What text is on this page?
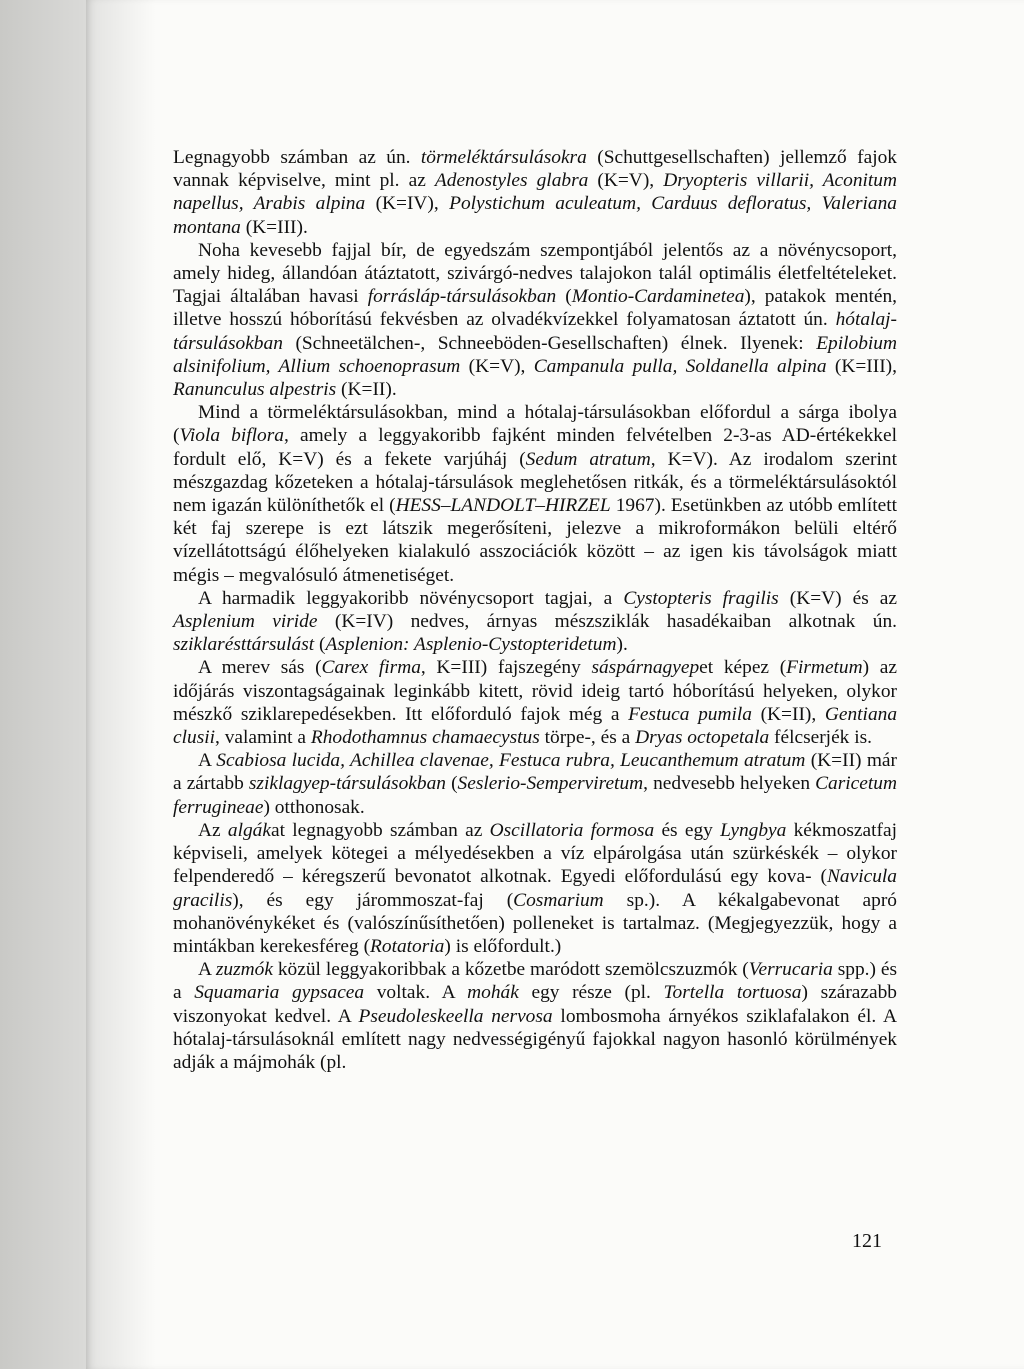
Legnagyobb számban az ún. törmeléktársulásokra (Schuttgesellschaften) jellemző fajok vannak képviselve, mint pl. az Adenostyles glabra (K=V), Dryopteris villarii, Aconitum napellus, Arabis alpina (K=IV), Polystichum aculeatum, Carduus defloratus, Valeriana montana (K=III).

Noha kevesebb fajjal bír, de egyedszám szempontjából jelentős az a növénycsoport, amely hideg, állandóan átáztatott, szivárgó-nedves talajokon talál optimális életfeltételeket. Tagjai általában havasi forrásláp-társulásokban (Montio-Cardaminetea), patakok mentén, illetve hosszú hóborítású fekvésben az olvadékvízekkel folyamatosan áztatott ún. hótalaj-társulásokban (Schneetälchen-, Schneeböden-Gesellschaften) élnek. Ilyenek: Epilobium alsinifolium, Allium schoenoprasum (K=V), Campanula pulla, Soldanella alpina (K=III), Ranunculus alpestris (K=II).

Mind a törmeléktársulásokban, mind a hótalaj-társulásokban előfordul a sárga ibolya (Viola biflora, amely a leggyakoribb fajként minden felvételben 2-3-as AD-értékekkel fordult elő, K=V) és a fekete varjúháj (Sedum atratum, K=V). Az irodalom szerint mészgazdag kőzeteken a hótalaj-társulások meglehetősen ritkák, és a törmeléktársulásoktól nem igazán különíthetők el (HESS–LANDOLT–HIRZEL 1967). Esetünkben az utóbb említett két faj szerepe is ezt látszik megerősíteni, jelezve a mikroformákon belüli eltérő vízellátottságú élőhelyeken kialakuló asszociációk között – az igen kis távolságok miatt mégis – megvalósuló átmenetiséget.

A harmadik leggyakoribb növénycsoport tagjai, a Cystopteris fragilis (K=V) és az Asplenium viride (K=IV) nedves, árnyas mészsziklák hasadékaiban alkotnak ún. sziklarésttársulást (Asplenion: Asplenio-Cystopteridetum).

A merev sás (Carex firma, K=III) fajszegény sáspárnagyepet képez (Firmetum) az időjárás viszontagságainak leginkább kitett, rövid ideig tartó hóborítású helyeken, olykor mészkő sziklarepedésekben. Itt előforduló fajok még a Festuca pumila (K=II), Gentiana clusii, valamint a Rhodothamnus chamaecystus törpe-, és a Dryas octopetala félcserjék is.

A Scabiosa lucida, Achillea clavenae, Festuca rubra, Leucanthemum atratum (K=II) már a zártabb sziklagyep-társulásokban (Seslerio-Semperviretum, nedvesebb helyeken Caricetum ferrugineae) otthonosak.

Az algákat legnagyobb számban az Oscillatoria formosa és egy Lyngbya kékmoszatfaj képviseli, amelyek kötegei a mélyedésekben a víz elpárolgása után szürkéskék – olykor felpenderedő – kéregszerű bevonatot alkotnak. Egyedi előfordulású egy kova- (Navicula gracilis), és egy járommoszat-faj (Cosmarium sp.). A kékalgabevonat apró mohanövénykéket és (valószínűsíthetően) polleneket is tartalmaz. (Megjegyezzük, hogy a mintákban kerekesféreg (Rotatoria) is előfordult.)

A zuzmók közül leggyakoribbak a kőzetbe maródott szemölcszuzmók (Verrucaria spp.) és a Squamaria gypsacea voltak. A mohák egy része (pl. Tortella tortuosa) szárazabb viszonyokat kedvel. A Pseudoleskeella nervosa lombosmoha árnyékos sziklafalakon él. A hótalaj-társulásoknál említett nagy nedvességigényű fajokkal nagyon hasonló körülmények adják a májmohák (pl.

121
